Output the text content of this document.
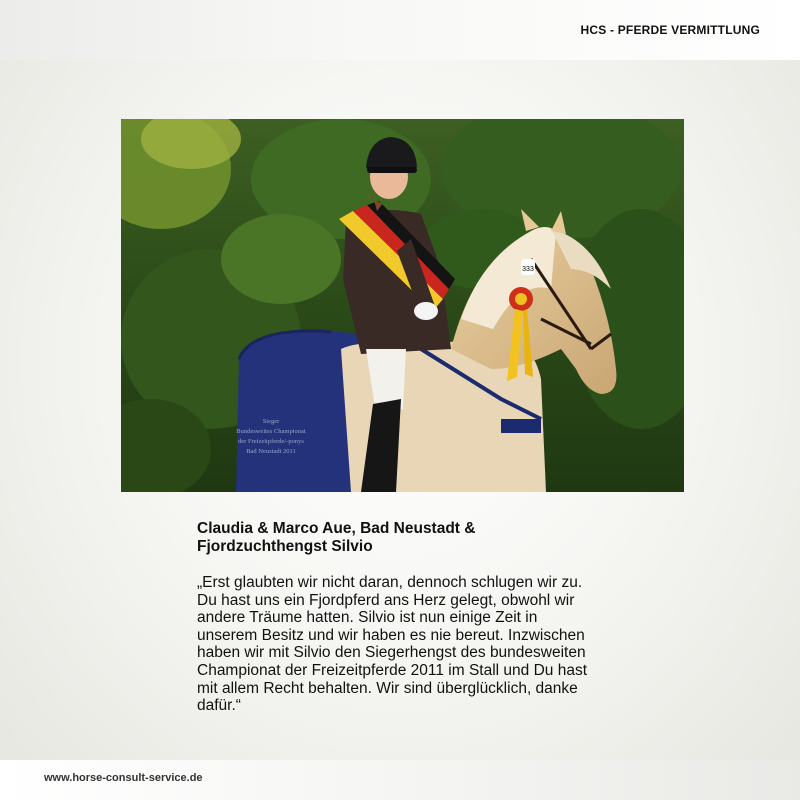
HCS - PFERDE VERMITTLUNG
333
Sieger
Bundesweites Championat
der Freizeitpferde/-ponys
Bad Neustadt 2011
Claudia & Marco Aue, Bad Neustadt &
Fjordzuchthengst Silvio
„Erst glaubten wir nicht daran, dennoch schlugen wir zu.
Du hast uns ein Fjordpferd ans Herz gelegt, obwohl wir
andere Träume hatten. Silvio ist nun einige Zeit in
unserem Besitz und wir haben es nie bereut. Inzwischen
haben wir mit Silvio den Siegerhengst des bundesweiten
Championat der Freizeitpferde 2011 im Stall und Du hast
mit allem Recht behalten. Wir sind überglücklich, danke
dafür.“
www.horse-consult-service.de
